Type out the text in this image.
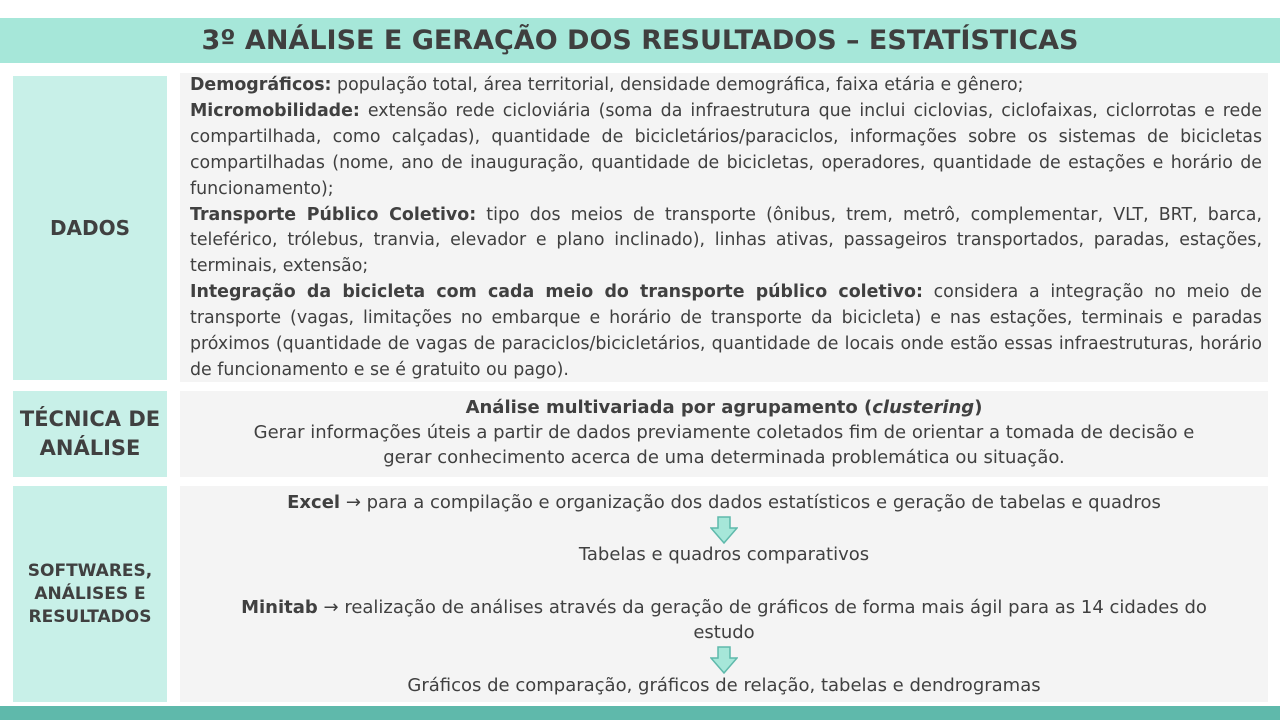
3º ANÁLISE E GERAÇÃO DOS RESULTADOS – ESTATÍSTICAS
DADOS

Demográficos: população total, área territorial, densidade demográfica, faixa etária e gênero;

Micromobilidade: extensão rede cicloviária (soma da infraestrutura que inclui ciclovias, ciclofaixas, ciclorrotas e rede compartilhada, como calçadas), quantidade de bicicletários/paraciclos, informações sobre os sistemas de bicicletas compartilhadas (nome, ano de inauguração, quantidade de bicicletas, operadores, quantidade de estações e horário de funcionamento);

Transporte Público Coletivo: tipo dos meios de transporte (ônibus, trem, metrô, complementar, VLT, BRT, barca, teleférico, trólebus, tranvia, elevador e plano inclinado), linhas ativas, passageiros transportados, paradas, estações, terminais, extensão;

Integração da bicicleta com cada meio do transporte público coletivo: considera a integração no meio de transporte (vagas, limitações no embarque e horário de transporte da bicicleta) e nas estações, terminais e paradas próximos (quantidade de vagas de paraciclos/bicicletários, quantidade de locais onde estão essas infraestruturas, horário de funcionamento e se é gratuito ou pago).

TÉCNICA DE
ANÁLISE
Análise multivariada por agrupamento (clustering)
Gerar informações úteis a partir de dados previamente coletados fim de orientar a tomada de decisão e
gerar conhecimento acerca de uma determinada problemática ou situação.
SOFTWARES,
ANÁLISES E
RESULTADOS
Excel → para a compilação e organização dos dados estatísticos e geração de tabelas e quadros
Tabelas e quadros comparativos
Minitab → realização de análises através da geração de gráficos de forma mais ágil para as 14 cidades do
estudo
Gráficos de comparação, gráficos de relação, tabelas e dendrogramas
